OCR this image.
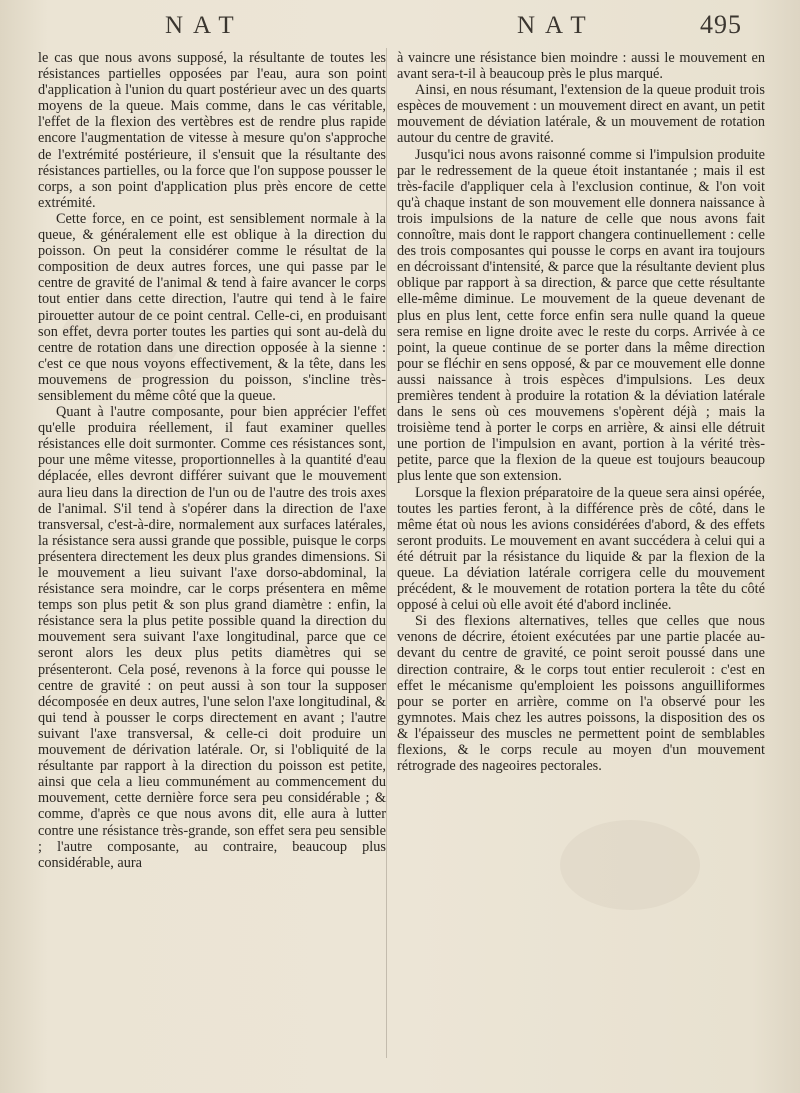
NAT	NAT	495

le cas que nous avons supposé, la résultante de toutes les résistances partielles opposées par l'eau, aura son point d'application à l'union du quart postérieur avec un des quarts moyens de la queue. Mais comme, dans le cas véritable, l'effet de la flexion des vertèbres est de rendre plus rapide encore l'augmentation de vitesse à mesure qu'on s'approche de l'extrémité postérieure, il s'ensuit que la résultante des résistances partielles, ou la force que l'on suppose pousser le corps, a son point d'application plus près encore de cette extrémité.

Cette force, en ce point, est sensiblement normale à la queue, & généralement elle est oblique à la direction du poisson. On peut la considérer comme le résultat de la composition de deux autres forces, une qui passe par le centre de gravité de l'animal & tend à faire avancer le corps tout entier dans cette direction, l'autre qui tend à le faire pirouetter autour de ce point central. Celle-ci, en produisant son effet, devra porter toutes les parties qui sont au-delà du centre de rotation dans une direction opposée à la sienne : c'est ce que nous voyons effectivement, & la tête, dans les mouvemens de progression du poisson, s'incline très-sensiblement du même côté que la queue.

Quant à l'autre composante, pour bien apprécier l'effet qu'elle produira réellement, il faut examiner quelles résistances elle doit surmonter. Comme ces résistances sont, pour une même vitesse, proportionnelles à la quantité d'eau déplacée, elles devront différer suivant que le mouvement aura lieu dans la direction de l'un ou de l'autre des trois axes de l'animal. S'il tend à s'opérer dans la direction de l'axe transversal, c'est-à-dire, normalement aux surfaces latérales, la résistance sera aussi grande que possible, puisque le corps présentera directement les deux plus grandes dimensions. Si le mouvement a lieu suivant l'axe dorso-abdominal, la résistance sera moindre, car le corps présentera en même temps son plus petit & son plus grand diamètre : enfin, la résistance sera la plus petite possible quand la direction du mouvement sera suivant l'axe longitudinal, parce que ce seront alors les deux plus petits diamètres qui se présenteront. Cela posé, revenons à la force qui pousse le centre de gravité : on peut aussi à son tour la supposer décomposée en deux autres, l'une selon l'axe longitudinal, & qui tend à pousser le corps directement en avant ; l'autre suivant l'axe transversal, & celle-ci doit produire un mouvement de dérivation latérale. Or, si l'obliquité de la résultante par rapport à la direction du poisson est petite, ainsi que cela a lieu communément au commencement du mouvement, cette dernière force sera peu considérable ; & comme, d'après ce que nous avons dit, elle aura à lutter contre une résistance très-grande, son effet sera peu sensible ; l'autre composante, au contraire, beaucoup plus considérable, aura

à vaincre une résistance bien moindre : aussi le mouvement en avant sera-t-il à beaucoup près le plus marqué.

Ainsi, en nous résumant, l'extension de la queue produit trois espèces de mouvement : un mouvement direct en avant, un petit mouvement de déviation latérale, & un mouvement de rotation autour du centre de gravité.

Jusqu'ici nous avons raisonné comme si l'impulsion produite par le redressement de la queue étoit instantanée ; mais il est très-facile d'appliquer cela à l'exclusion continue, & l'on voit qu'à chaque instant de son mouvement elle donnera naissance à trois impulsions de la nature de celle que nous avons fait connoître, mais dont le rapport changera continuellement : celle des trois composantes qui pousse le corps en avant ira toujours en décroissant d'intensité, & parce que la résultante devient plus oblique par rapport à sa direction, & parce que cette résultante elle-même diminue. Le mouvement de la queue devenant de plus en plus lent, cette force enfin sera nulle quand la queue sera remise en ligne droite avec le reste du corps. Arrivée à ce point, la queue continue de se porter dans la même direction pour se fléchir en sens opposé, & par ce mouvement elle donne aussi naissance à trois espèces d'impulsions. Les deux premières tendent à produire la rotation & la déviation latérale dans le sens où ces mouvemens s'opèrent déjà ; mais la troisième tend à porter le corps en arrière, & ainsi elle détruit une portion de l'impulsion en avant, portion à la vérité très-petite, parce que la flexion de la queue est toujours beaucoup plus lente que son extension.

Lorsque la flexion préparatoire de la queue sera ainsi opérée, toutes les parties feront, à la différence près de côté, dans le même état où nous les avions considérées d'abord, & des effets seront produits. Le mouvement en avant succédera à celui qui a été détruit par la résistance du liquide & par la flexion de la queue. La déviation latérale corrigera celle du mouvement précédent, & le mouvement de rotation portera la tête du côté opposé à celui où elle avoit été d'abord inclinée.

Si des flexions alternatives, telles que celles que nous venons de décrire, étoient exécutées par une partie placée au-devant du centre de gravité, ce point seroit poussé dans une direction contraire, & le corps tout entier reculeroit : c'est en effet le mécanisme qu'emploient les poissons anguilliformes pour se porter en arrière, comme on l'a observé pour les gymnotes. Mais chez les autres poissons, la disposition des os & l'épaisseur des muscles ne permettent point de semblables flexions, & le corps recule au moyen d'un mouvement rétrograde des nageoires pectorales.
